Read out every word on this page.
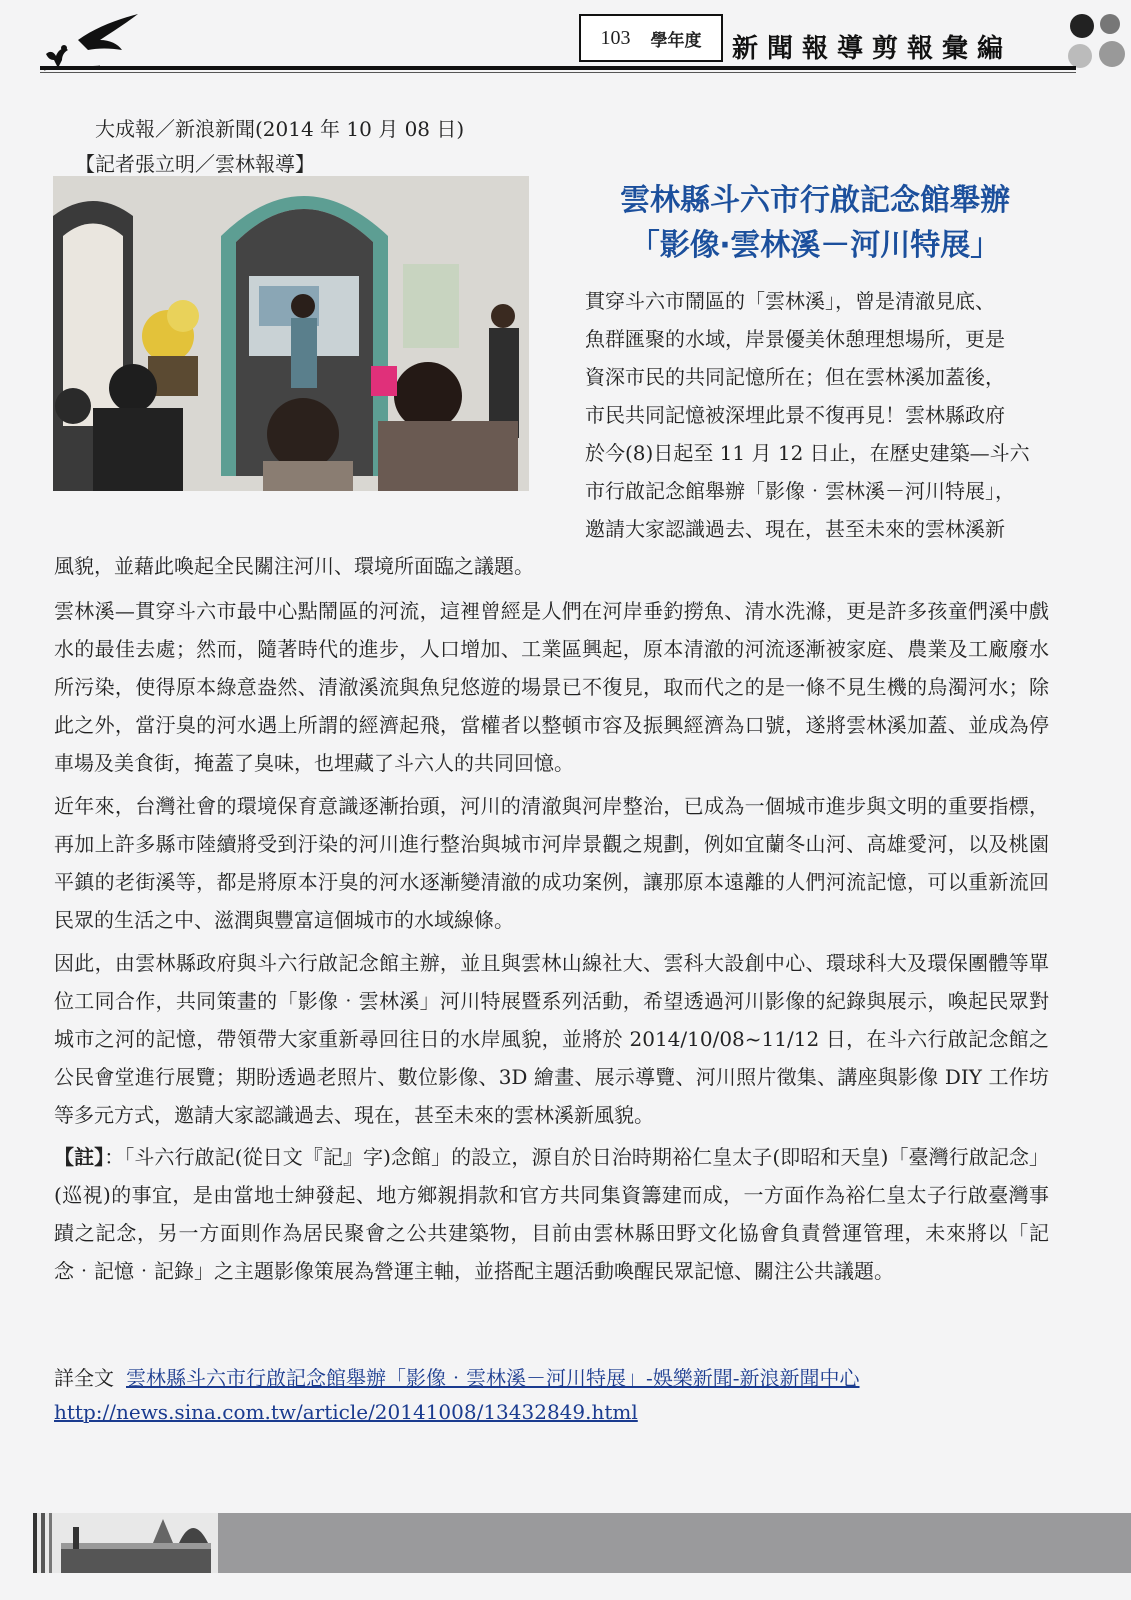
103 學年度 新聞報導剪報彙編
大成報／新浪新聞(2014 年 10 月 08 日)
【記者張立明／雲林報導】
雲林縣斗六市行啟記念館舉辦
「影像‧雲林溪－河川特展」
貫穿斗六市鬧區的「雲林溪」，曾是清澈見底、
魚群匯聚的水域，岸景優美休憩理想場所，更是
資深市民的共同記憶所在；但在雲林溪加蓋後，
市民共同記憶被深埋此景不復再見！雲林縣政府
於今(8)日起至 11 月 12 日止，在歷史建築—斗六
市行啟記念館舉辦「影像‧雲林溪－河川特展」，
邀請大家認識過去、現在，甚至未來的雲林溪新
風貌，並藉此喚起全民關注河川、環境所面臨之議題。
雲林溪—貫穿斗六市最中心點鬧區的河流，這裡曾經是人們在河岸垂釣撈魚、清水洗滌，更是許多孩童們溪中戲水的最佳去處；然而，隨著時代的進步，人口增加、工業區興起，原本清澈的河流逐漸被家庭、農業及工廠廢水所污染，使得原本綠意盎然、清澈溪流與魚兒悠遊的場景已不復見，取而代之的是一條不見生機的烏濁河水；除此之外，當汙臭的河水遇上所謂的經濟起飛，當權者以整頓市容及振興經濟為口號，遂將雲林溪加蓋、並成為停車場及美食街，掩蓋了臭味，也埋藏了斗六人的共同回憶。
近年來，台灣社會的環境保育意識逐漸抬頭，河川的清澈與河岸整治，已成為一個城市進步與文明的重要指標，再加上許多縣市陸續將受到汙染的河川進行整治與城市河岸景觀之規劃，例如宜蘭冬山河、高雄愛河，以及桃園平鎮的老街溪等，都是將原本汙臭的河水逐漸變清澈的成功案例，讓那原本遠離的人們河流記憶，可以重新流回民眾的生活之中、滋潤與豐富這個城市的水域線條。
因此，由雲林縣政府與斗六行啟記念館主辦，並且與雲林山線社大、雲科大設創中心、環球科大及環保團體等單位工同合作，共同策畫的「影像‧雲林溪」河川特展暨系列活動，希望透過河川影像的紀錄與展示，喚起民眾對城市之河的記憶，帶領帶大家重新尋回往日的水岸風貌，並將於 2014/10/08~11/12 日，在斗六行啟記念館之公民會堂進行展覽；期盼透過老照片、數位影像、3D 繪畫、展示導覽、河川照片徵集、講座與影像 DIY 工作坊等多元方式，邀請大家認識過去、現在，甚至未來的雲林溪新風貌。
【註】：「斗六行啟記(從日文『記』字)念館」的設立，源自於日治時期裕仁皇太子(即昭和天皇)「臺灣行啟記念」(巡視)的事宜，是由當地士紳發起、地方鄉親捐款和官方共同集資籌建而成，一方面作為裕仁皇太子行啟臺灣事蹟之記念，另一方面則作為居民聚會之公共建築物，目前由雲林縣田野文化協會負責營運管理，未來將以「記念‧記憶‧記錄」之主題影像策展為營運主軸，並搭配主題活動喚醒民眾記憶、關注公共議題。
詳全文 雲林縣斗六市行啟記念館舉辦「影像‧雲林溪－河川特展」-娛樂新聞-新浪新聞中心
http://news.sina.com.tw/article/20141008/13432849.html
